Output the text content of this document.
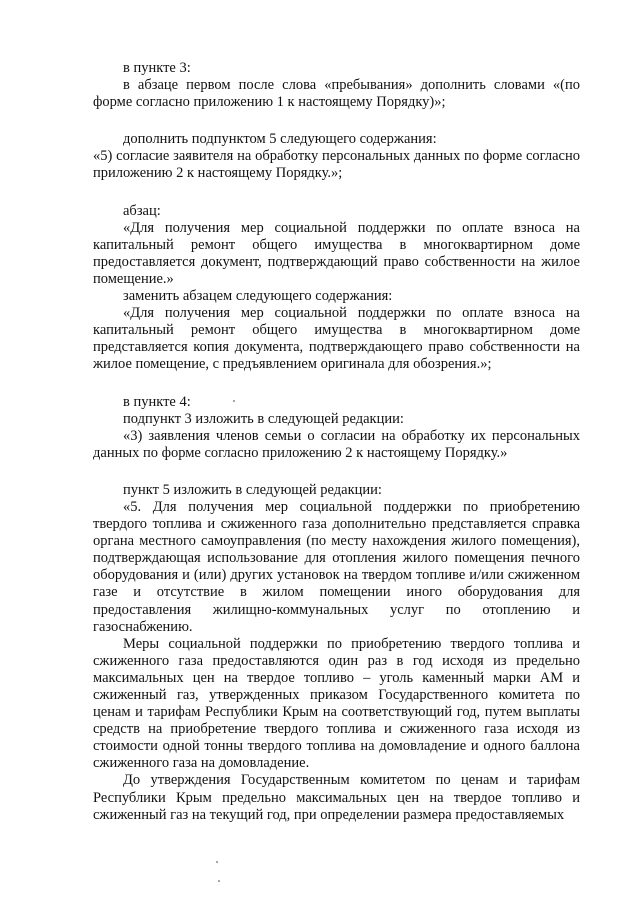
в пункте 3:

в абзаце первом после слова «пребывания» дополнить словами «(по форме согласно приложению 1 к настоящему Порядку)»;

дополнить подпунктом 5 следующего содержания:

«5) согласие заявителя на обработку персональных данных по форме согласно приложению 2 к настоящему Порядку.»;

абзац:

«Для получения мер социальной поддержки по оплате взноса на капитальный ремонт общего имущества в многоквартирном доме предоставляется документ, подтверждающий право собственности на жилое помещение.»

заменить абзацем следующего содержания:

«Для получения мер социальной поддержки по оплате взноса на капитальный ремонт общего имущества в многоквартирном доме представляется копия документа, подтверждающего право собственности на жилое помещение, с предъявлением оригинала для обозрения.»;

в пункте 4:

подпункт 3 изложить в следующей редакции:

«3) заявления членов семьи о согласии на обработку их персональных данных по форме согласно приложению 2 к настоящему Порядку.»

пункт 5 изложить в следующей редакции:

«5. Для получения мер социальной поддержки по приобретению твердого топлива и сжиженного газа дополнительно представляется справка органа местного самоуправления (по месту нахождения жилого помещения), подтверждающая использование для отопления жилого помещения печного оборудования и (или) других установок на твердом топливе и/или сжиженном газе и отсутствие в жилом помещении иного оборудования для предоставления жилищно-коммунальных услуг по отоплению и газоснабжению.

Меры социальной поддержки по приобретению твердого топлива и сжиженного газа предоставляются один раз в год исходя из предельно максимальных цен на твердое топливо – уголь каменный марки АМ и сжиженный газ, утвержденных приказом Государственного комитета по ценам и тарифам Республики Крым на соответствующий год, путем выплаты средств на приобретение твердого топлива и сжиженного газа исходя из стоимости одной тонны твердого топлива на домовладение и одного баллона сжиженного газа на домовладение.

До утверждения Государственным комитетом по ценам и тарифам Республики Крым предельно максимальных цен на твердое топливо и сжиженный газ на текущий год, при определении размера предоставляемых
